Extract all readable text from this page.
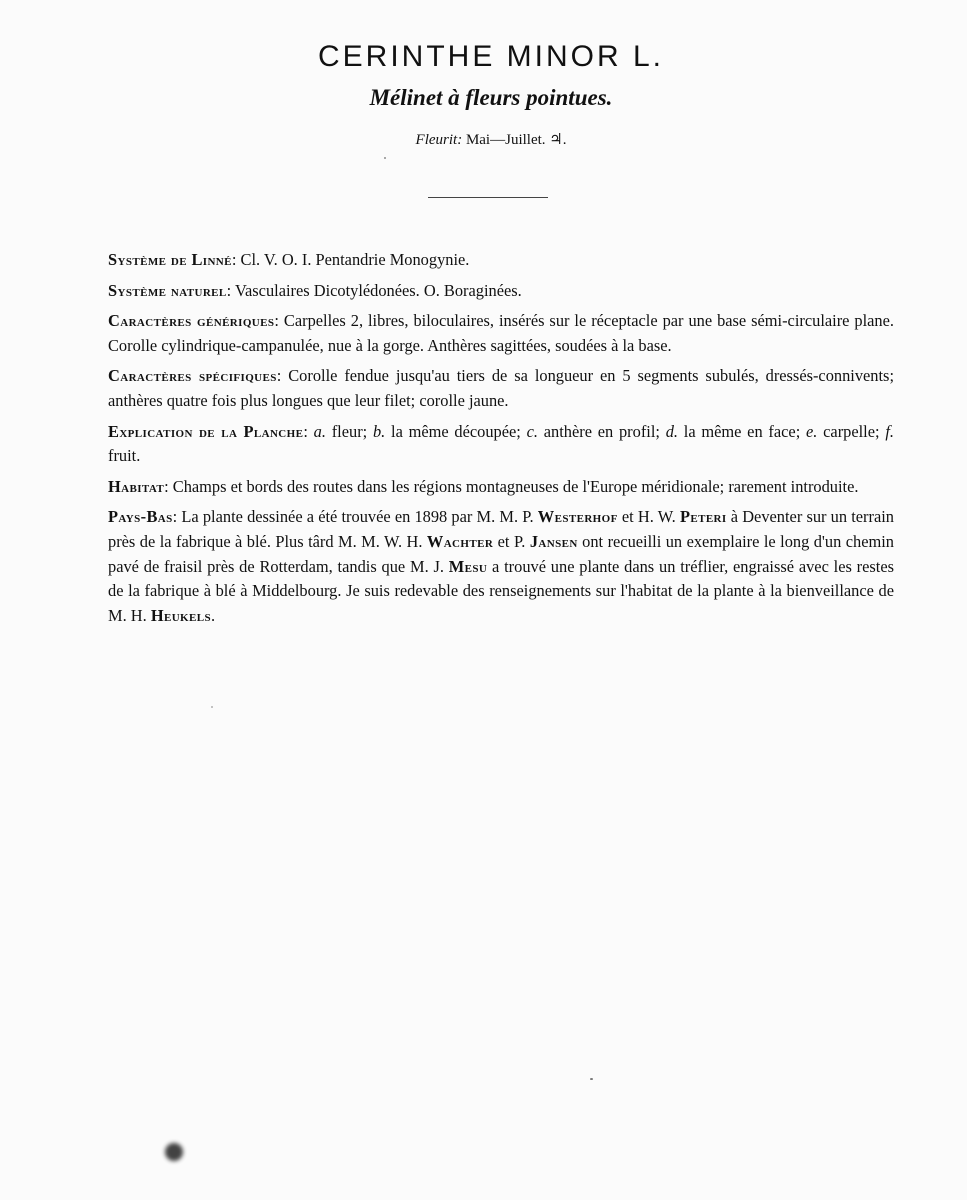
CERINTHE MINOR L.
Mélinet à fleurs pointues.
Fleurit: Mai—Juillet. ♃.

Système de Linné: Cl. V. O. I. Pentandrie Monogynie.

Système naturel: Vasculaires Dicotylédonées. O. Boraginées.

Caractères génériques: Carpelles 2, libres, biloculaires, insérés sur le réceptacle par une base sémi-circulaire plane. Corolle cylindrique-campanulée, nue à la gorge. Anthères sagittées, soudées à la base.

Caractères spécifiques: Corolle fendue jusqu'au tiers de sa longueur en 5 segments subulés, dressés-connivents; anthères quatre fois plus longues que leur filet; corolle jaune.

Explication de la Planche: a. fleur; b. la même découpée; c. anthère en profil; d. la même en face; e. carpelle; f. fruit.

Habitat: Champs et bords des routes dans les régions montagneuses de l'Europe méridionale; rarement introduite.

Pays-Bas: La plante dessinée a été trouvée en 1898 par M. M. P. Westerhof et H. W. Peteri à Deventer sur un terrain près de la fabrique à blé. Plus târd M. M. W. H. Wachter et P. Jansen ont recueilli un exemplaire le long d'un chemin pavé de fraisil près de Rotterdam, tandis que M. J. Mesu a trouvé une plante dans un tréflier, engraissé avec les restes de la fabrique à blé à Middelbourg. Je suis redevable des renseignements sur l'habitat de la plante à la bienveillance de M. H. Heukels.
